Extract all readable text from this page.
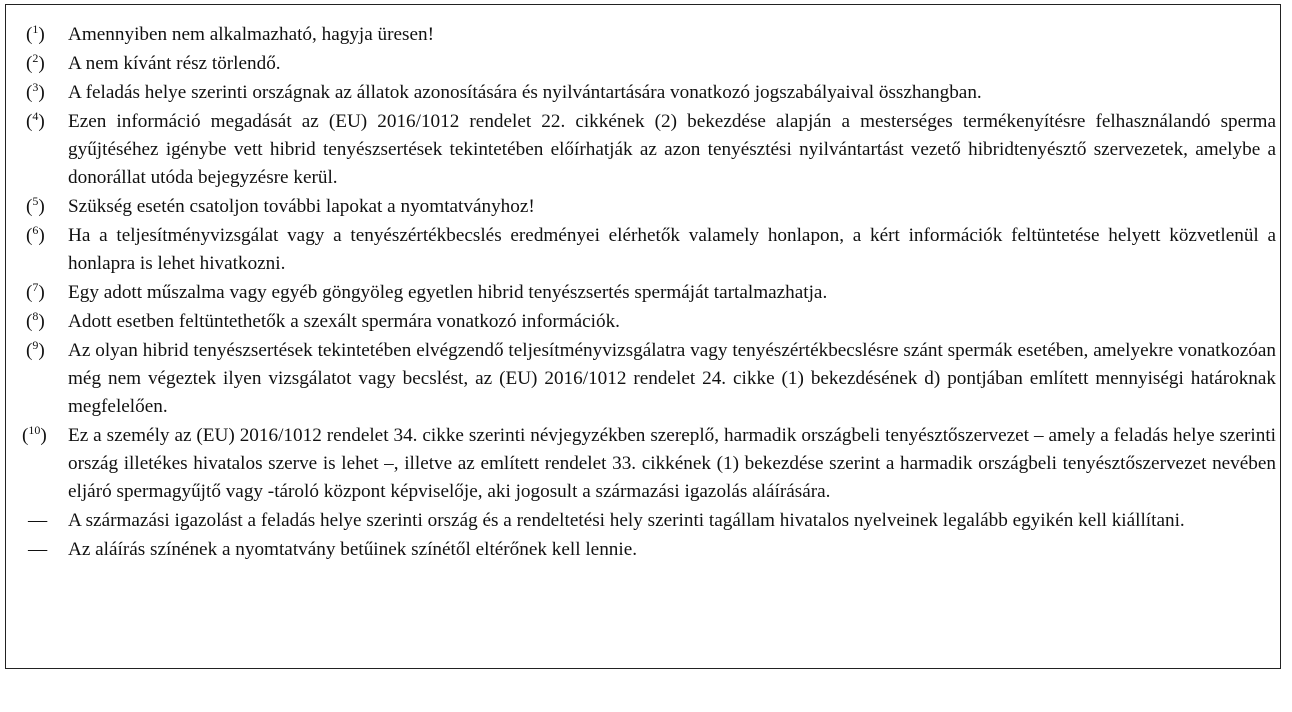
($^1$)	Amennyiben nem alkalmazható, hagyja üresen!
($^2$)	A nem kívánt rész törlendő.
($^3$)	A feladás helye szerinti országnak az állatok azonosítására és nyilvántartására vonatkozó jogszabályaival összhangban.
($^4$)	Ezen információ megadását az (EU) 2016/1012 rendelet 22. cikkének (2) bekezdése alapján a mesterséges termékenyítésre felhasználandó sperma gyűjtéséhez igénybe vett hibrid tenyészsertések tekintetében előírhatják az azon tenyésztési nyilvántartást vezető hibridtenyésztő szervezetek, amelybe a donorállat utóda bejegyzésre kerül.
($^5$)	Szükség esetén csatoljon további lapokat a nyomtatványhoz!
($^6$)	Ha a teljesítményvizsgálat vagy a tenyészértékbecslés eredményei elérhetők valamely honlapon, a kért információk feltüntetése helyett közvetlenül a honlapra is lehet hivatkozni.
($^7$)	Egy adott műszalma vagy egyéb göngyöleg egyetlen hibrid tenyészsertés spermáját tartalmazhatja.
($^8$)	Adott esetben feltüntethetők a szexált spermára vonatkozó információk.
($^9$)	Az olyan hibrid tenyészsertések tekintetében elvégzendő teljesítményvizsgálatra vagy tenyészértékbecslésre szánt spermák esetében, amelyekre vonatkozóan még nem végeztek ilyen vizsgálatot vagy becslést, az (EU) 2016/1012 rendelet 24. cikke (1) bekezdésének d) pontjában említett mennyiségi határoknak megfelelően.
($^{10}$)	Ez a személy az (EU) 2016/1012 rendelet 34. cikke szerinti névjegyzékben szereplő, harmadik országbeli tenyésztőszervezet – amely a feladás helye szerinti ország illetékes hivatalos szerve is lehet –, illetve az említett rendelet 33. cikkének (1) bekezdése szerint a harmadik országbeli tenyésztőszervezet nevében eljáró spermagyűjtő vagy -tároló központ képviselője, aki jogosult a származási igazolás aláírására.
—	A származási igazolást a feladás helye szerinti ország és a rendeltetési hely szerinti tagállam hivatalos nyelveinek legalább egyikén kell kiállítani.
—	Az aláírás színének a nyomtatvány betűinek színétől eltérőnek kell lennie.
